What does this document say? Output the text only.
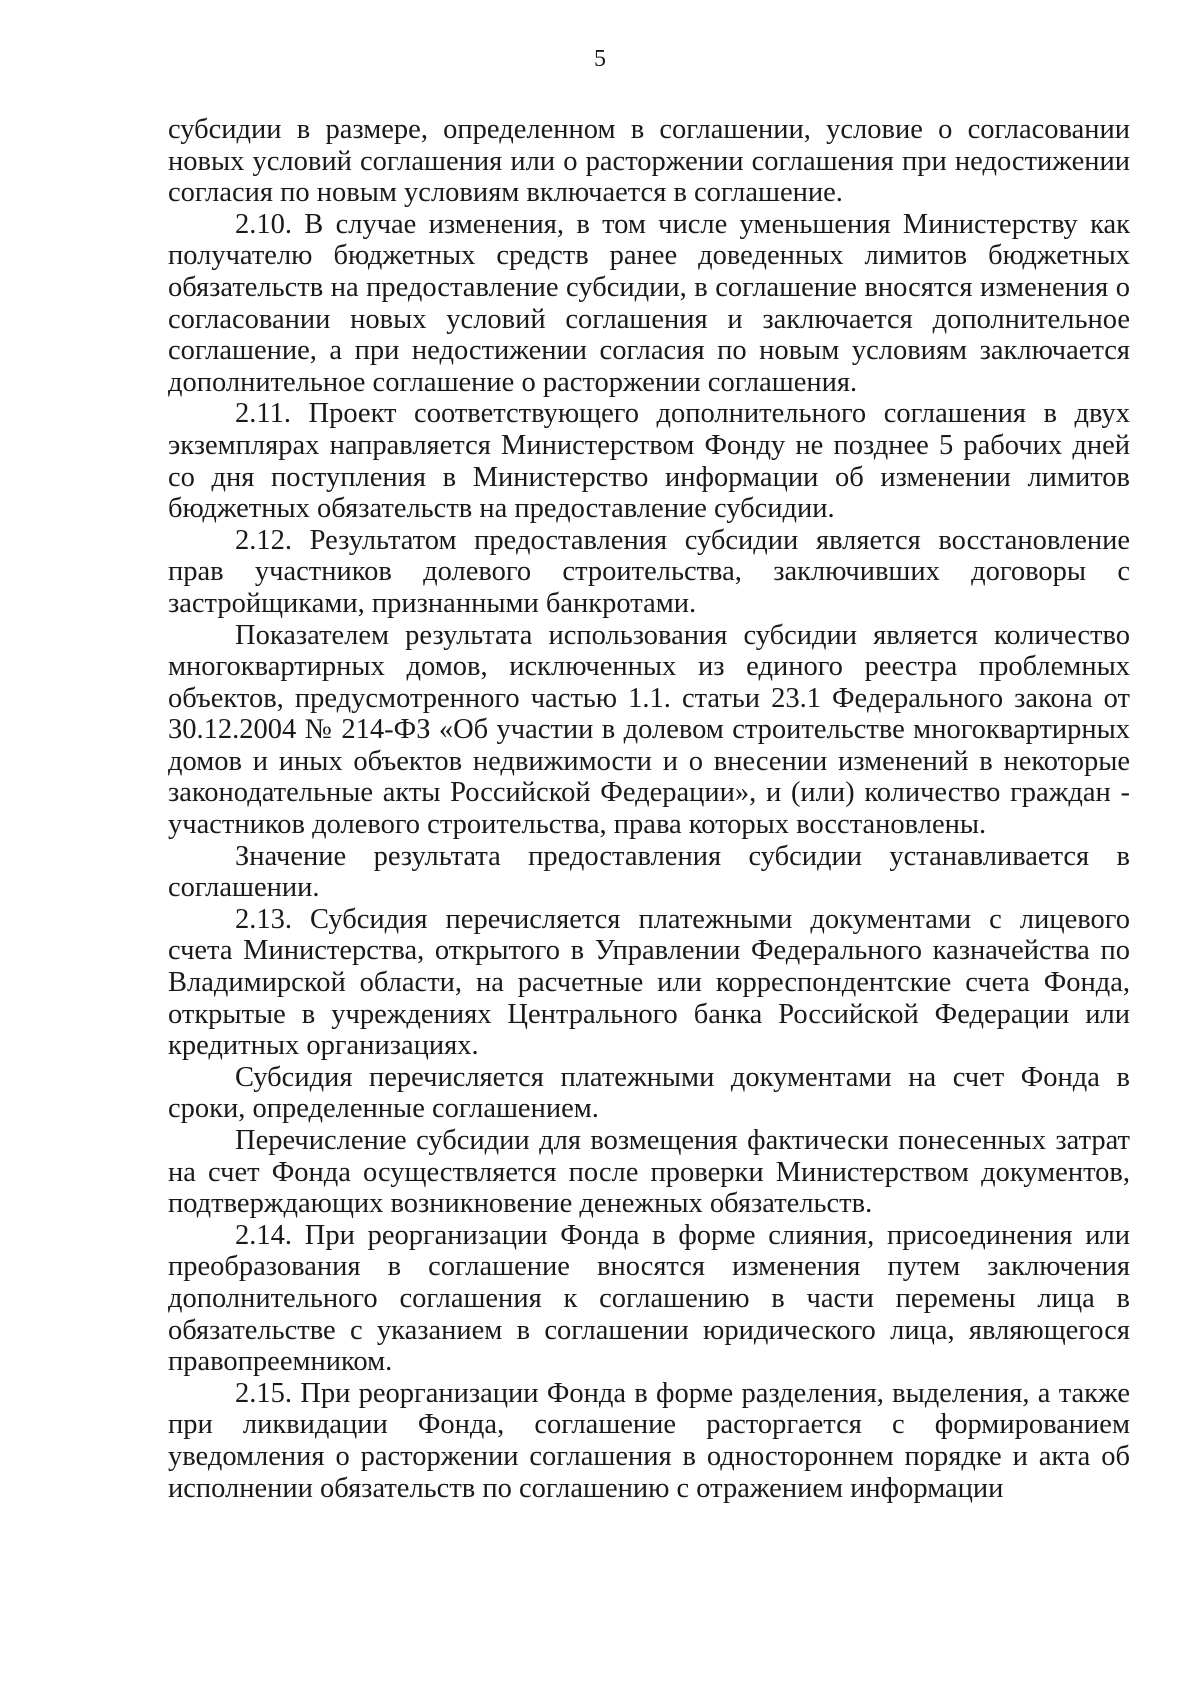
5

субсидии в размере, определенном в соглашении, условие о согласовании новых условий соглашения или о расторжении соглашения при недостижении согласия по новым условиям включается в соглашение.

2.10. В случае изменения, в том числе уменьшения Министерству как получателю бюджетных средств ранее доведенных лимитов бюджетных обязательств на предоставление субсидии, в соглашение вносятся изменения о согласовании новых условий соглашения и заключается дополнительное соглашение, а при недостижении согласия по новым условиям заключается дополнительное соглашение о расторжении соглашения.

2.11. Проект соответствующего дополнительного соглашения в двух экземплярах направляется Министерством Фонду не позднее 5 рабочих дней со дня поступления в Министерство информации об изменении лимитов бюджетных обязательств на предоставление субсидии.

2.12. Результатом предоставления субсидии является восстановление прав участников долевого строительства, заключивших договоры с застройщиками, признанными банкротами.

Показателем результата использования субсидии является количество многоквартирных домов, исключенных из единого реестра проблемных объектов, предусмотренного частью 1.1. статьи 23.1 Федерального закона от 30.12.2004 № 214-ФЗ «Об участии в долевом строительстве многоквартирных домов и иных объектов недвижимости и о внесении изменений в некоторые законодательные акты Российской Федерации», и (или) количество граждан - участников долевого строительства, права которых восстановлены.

Значение результата предоставления субсидии устанавливается в соглашении.

2.13. Субсидия перечисляется платежными документами с лицевого счета Министерства, открытого в Управлении Федерального казначейства по Владимирской области, на расчетные или корреспондентские счета Фонда, открытые в учреждениях Центрального банка Российской Федерации или кредитных организациях.

Субсидия перечисляется платежными документами на счет Фонда в сроки, определенные соглашением.

Перечисление субсидии для возмещения фактически понесенных затрат на счет Фонда осуществляется после проверки Министерством документов, подтверждающих возникновение денежных обязательств.

2.14. При реорганизации Фонда в форме слияния, присоединения или преобразования в соглашение вносятся изменения путем заключения дополнительного соглашения к соглашению в части перемены лица в обязательстве с указанием в соглашении юридического лица, являющегося правопреемником.

2.15. При реорганизации Фонда в форме разделения, выделения, а также при ликвидации Фонда, соглашение расторгается с формированием уведомления о расторжении соглашения в одностороннем порядке и акта об исполнении обязательств по соглашению с отражением информации
